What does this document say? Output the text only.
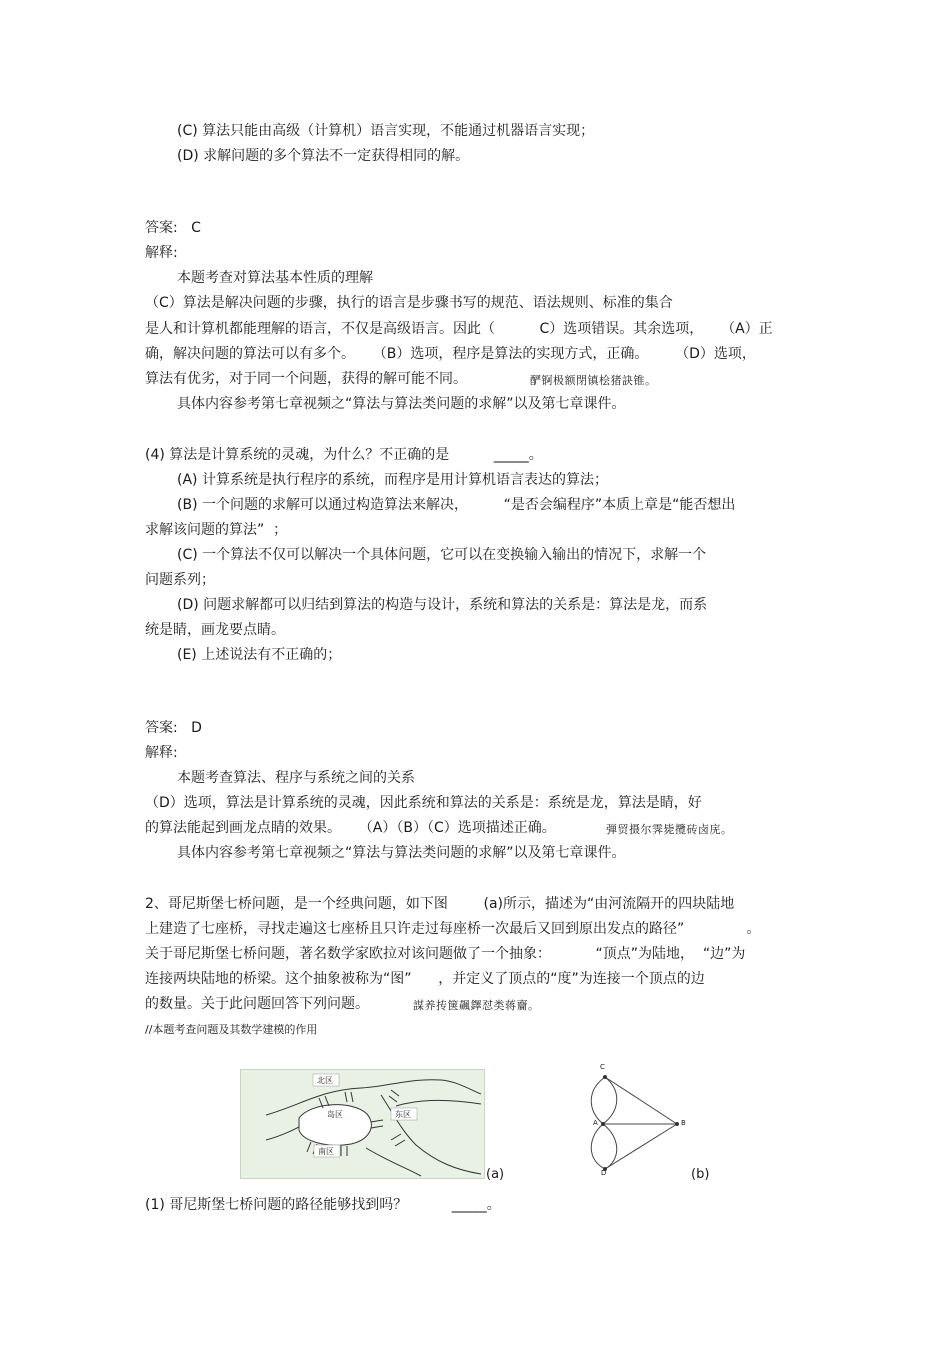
(C) 算法只能由高级（计算机）语言实现，不能通过机器语言实现；
(D) 求解问题的多个算法不一定获得相同的解。
答案:   C
解释:
本题考查对算法基本性质的理解
（C）算法是解决问题的步骤，执行的语言是步骤书写的规范、语法规则、标准的集合
是人和计算机都能理解的语言，不仅是高级语言。因此（          C）选项错误。其余选项，    （A）正
确，解决问题的算法可以有多个。    （B）选项，程序是算法的实现方式，正确。      （D）选项，
算法有优劣，对于同一个问题，获得的解可能不同。	酽锕极额閉镇桧猪訣锥。
具体内容参考第七章视频之“算法与算法类问题的求解”以及第七章课件。
(4) 算法是计算系统的灵魂，为什么？不正确的是          _____。
(A) 计算系统是执行程序的系统，而程序是用计算机语言表达的算法；
(B) 一个问题的求解可以通过构造算法来解决，        “是否会编程序”本质上章是“能否想出
求解该问题的算法”  ；
(C) 一个算法不仅可以解决一个具体问题，它可以在变换输入输出的情况下，求解一个
问题系列；
(D) 问题求解都可以归结到算法的构造与设计，系统和算法的关系是：算法是龙，而系
统是睛，画龙要点睛。
(E) 上述说法有不正确的；
答案:   D
解释:
本题考查算法、程序与系统之间的关系
（D）选项，算法是计算系统的灵魂，因此系统和算法的关系是：系统是龙，算法是睛，好
的算法能起到画龙点睛的效果。    （A）（B）（C）选项描述正确。	弾贸摄尔霁毙攬砖卤庑。
具体内容参考第七章视频之“算法与算法类问题的求解”以及第七章课件。
2、哥尼斯堡七桥问题，是一个经典问题，如下图        (a)所示，描述为“由河流隔开的四块陆地
上建造了七座桥，寻找走遍这七座桥且只许走过每座桥一次最后又回到原出发点的路径”              。
关于哥尼斯堡七桥问题，著名数学家欧拉对该问题做了一个抽象：          “顶点”为陆地，  “边”为
连接两块陆地的桥梁。这个抽象被称为“图”      ，并定义了顶点的“度”为连接一个顶点的边
的数量。关于此问题回答下列问题。	謀养抟箧飆鐸怼类蒋齎。
//本题考查问题及其数学建模的作用
北区
岛区	东区
南区
(a)
C
A	B
D	(b)
(1) 哥尼斯堡七桥问题的路径能够找到吗？          _____。
